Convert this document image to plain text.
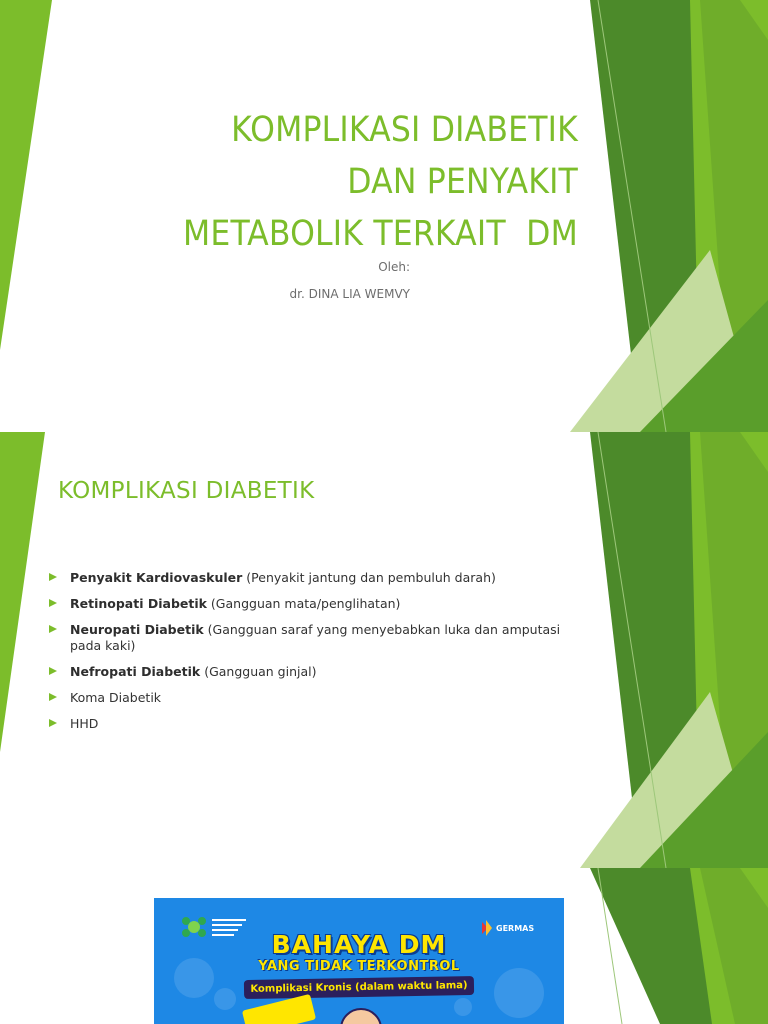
KOMPLIKASI DIABETIK
DAN PENYAKIT
METABOLIK TERKAIT  DM
Oleh:
dr. DINA LIA WEMVY
KOMPLIKASI DIABETIK
Penyakit Kardiovaskuler (Penyakit jantung dan pembuluh darah)
Retinopati Diabetik (Gangguan mata/penglihatan)
Neuropati Diabetik (Gangguan saraf yang menyebabkan luka dan amputasi pada kaki)
Nefropati Diabetik (Gangguan ginjal)
Koma Diabetik
HHD
GERMAS
BAHAYA DM
YANG TIDAK TERKONTROL
Komplikasi Kronis (dalam waktu lama)
